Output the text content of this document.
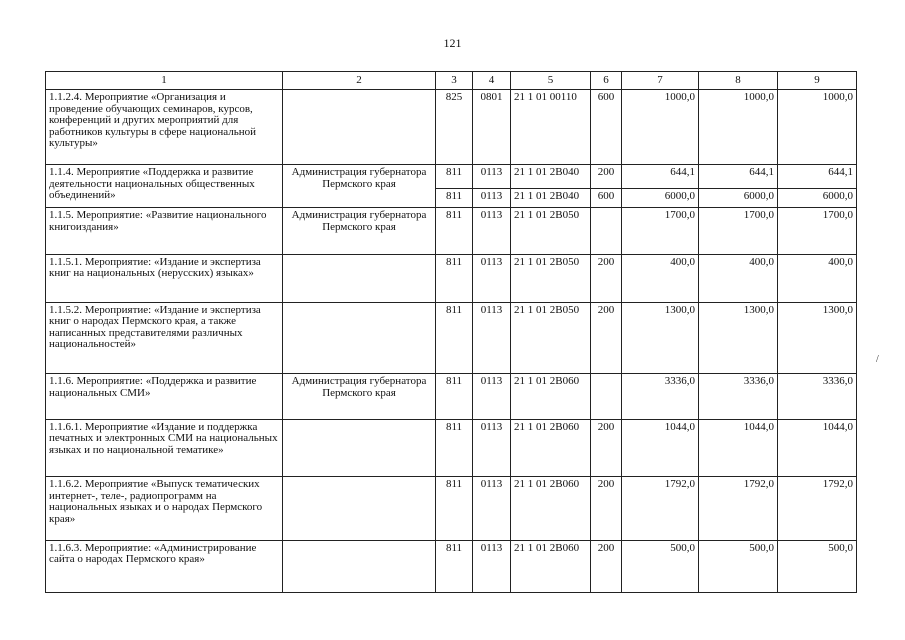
121
1	2	3	4	5	6	7	8	9
1.1.2.4. Мероприятие «Организация и проведение обучающих семинаров, курсов, конференций и других мероприятий для работников культуры в сфере национальной культуры»		825	0801	21 1 01 00110	600	1000,0	1000,0	1000,0
1.1.4. Мероприятие «Поддержка и развитие деятельности национальных общественных объединений»	Администрация губернатора Пермского края	811	0113	21 1 01 2В040	200	644,1	644,1	644,1
		811	0113	21 1 01 2В040	600	6000,0	6000,0	6000,0
1.1.5. Мероприятие: «Развитие национального книгоиздания»	Администрация губернатора Пермского края	811	0113	21 1 01 2В050		1700,0	1700,0	1700,0
1.1.5.1. Мероприятие: «Издание и экспертиза книг на национальных (нерусских) языках»		811	0113	21 1 01 2В050	200	400,0	400,0	400,0
1.1.5.2. Мероприятие: «Издание и экспертиза книг о народах Пермского края, а также написанных представителями различных национальностей»		811	0113	21 1 01 2В050	200	1300,0	1300,0	1300,0
1.1.6. Мероприятие: «Поддержка и развитие национальных СМИ»	Администрация губернатора Пермского края	811	0113	21 1 01 2В060		3336,0	3336,0	3336,0
1.1.6.1. Мероприятие «Издание и поддержка печатных и электронных СМИ на национальных языках и по национальной тематике»		811	0113	21 1 01 2В060	200	1044,0	1044,0	1044,0
1.1.6.2. Мероприятие «Выпуск тематических интернет-, теле-, радиопрограмм на национальных языках и о народах Пермского края»		811	0113	21 1 01 2В060	200	1792,0	1792,0	1792,0
1.1.6.3. Мероприятие: «Администрирование сайта о народах Пермского края»		811	0113	21 1 01 2В060	200	500,0	500,0	500,0
/
